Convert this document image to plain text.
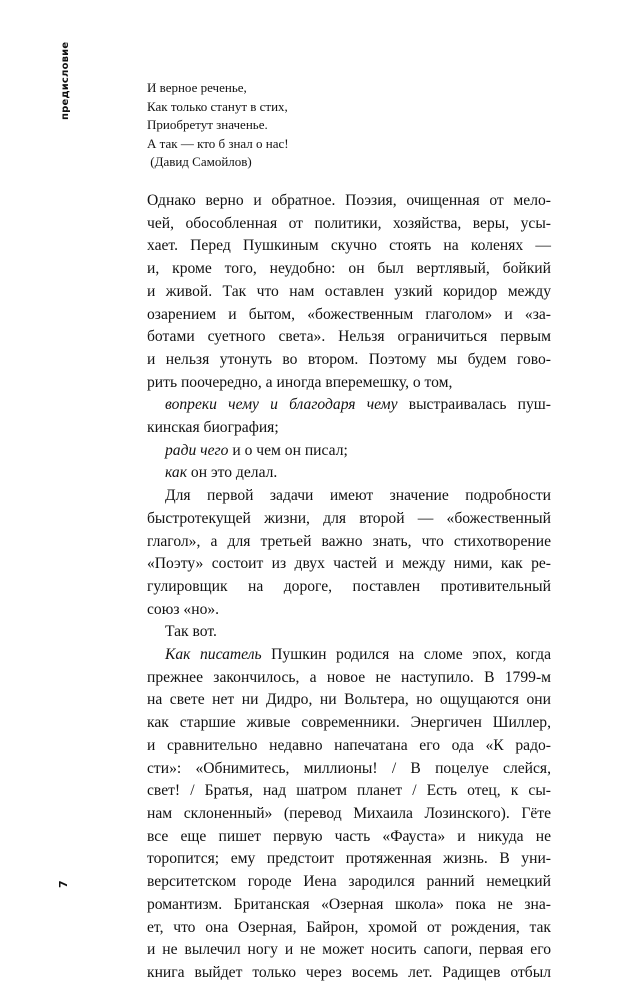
предисловие
7
И верное реченье,
Как только станут в стих,
Приобретут значенье.
А так — кто б знал о нас!
(Давид Самойлов)
Однако верно и обратное. Поэзия, очищенная от мело-
чей, обособленная от политики, хозяйства, веры, усы-
хает. Перед Пушкиным скучно стоять на коленях —
и, кроме того, неудобно: он был вертлявый, бойкий
и живой. Так что нам оставлен узкий коридор между
озарением и бытом, «божественным глаголом» и «за-
ботами суетного света». Нельзя ограничиться первым
и нельзя утонуть во втором. Поэтому мы будем гово-
рить поочередно, а иногда вперемешку, о том,
вопреки чему и благодаря чему выстраивалась пуш-
кинская биография;
ради чего и о чем он писал;
как он это делал.
Для первой задачи имеют значение подробности
быстротекущей жизни, для второй — «божественный
глагол», а для третьей важно знать, что стихотворение
«Поэту» состоит из двух частей и между ними, как ре-
гулировщик на дороге, поставлен противительный
союз «но».
Так вот.
Как писатель Пушкин родился на сломе эпох, когда
прежнее закончилось, а новое не наступило. В 1799-м
на свете нет ни Дидро, ни Вольтера, но ощущаются они
как старшие живые современники. Энергичен Шиллер,
и сравнительно недавно напечатана его ода «К радо-
сти»: «Обнимитесь, миллионы! / В поцелуе слейся,
свет! / Братья, над шатром планет / Есть отец, к сы-
нам склоненный» (перевод Михаила Лозинского). Гёте
все еще пишет первую часть «Фауста» и никуда не
торопится; ему предстоит протяженная жизнь. В уни-
верситетском городе Иена зародился ранний немецкий
романтизм. Британская «Озерная школа» пока не зна-
ет, что она Озерная, Байрон, хромой от рождения, так
и не вылечил ногу и не может носить сапоги, первая его
книга выйдет только через восемь лет. Радищев отбыл
